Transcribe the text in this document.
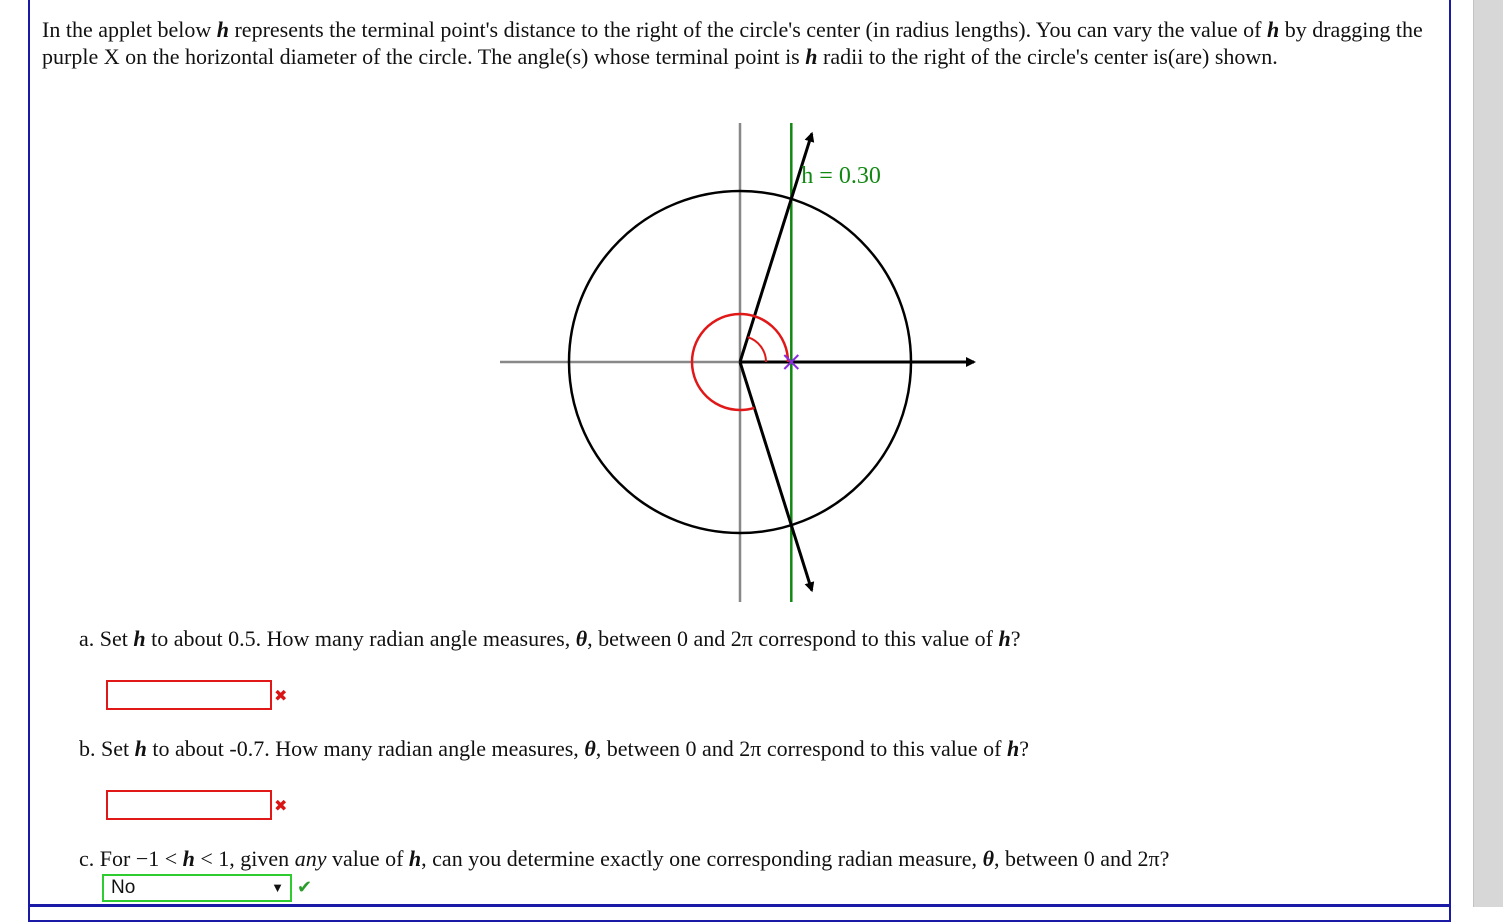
In the applet below h represents the terminal point's distance to the right of the circle's center (in radius lengths). You can vary the value of h by dragging the purple X on the horizontal diameter of the circle. The angle(s) whose terminal point is h radii to the right of the circle's center is(are) shown.
h = 0.30
a. Set h to about 0.5. How many radian angle measures, θ, between 0 and 2π correspond to this value of h?
✖
b. Set h to about -0.7. How many radian angle measures, θ, between 0 and 2π correspond to this value of h?
✖
c. For −1 < h < 1, given any value of h, can you determine exactly one corresponding radian measure, θ, between 0 and 2π?
No	▼ ✔
